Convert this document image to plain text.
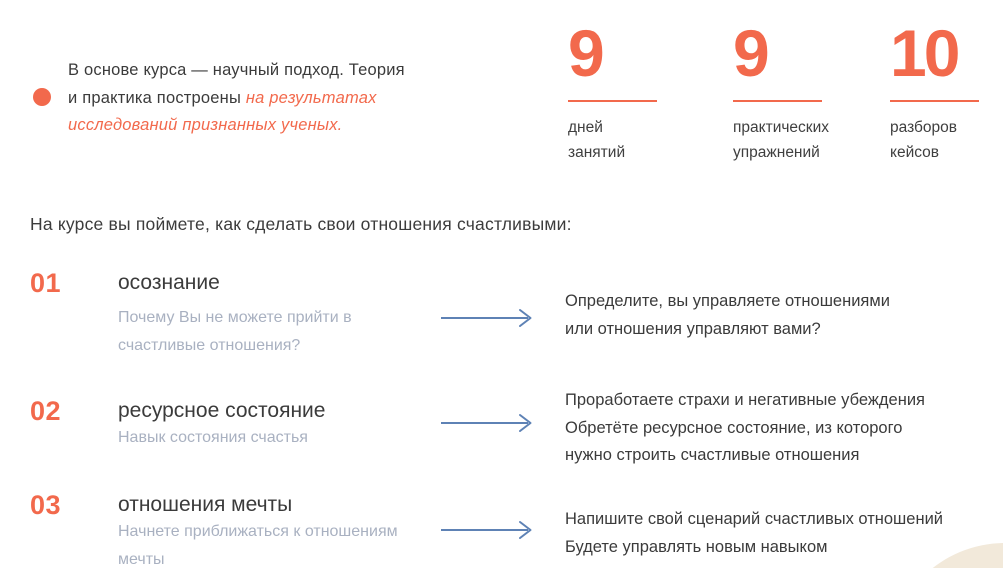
В основе курса — научный подход. Теория
и практика построены на результатах
исследований признанных ученых.

9
дней
занятий
9
практических
упражнений
10
разборов
кейсов
На курсе вы поймете, как сделать свои отношения счастливыми:
01	осознание
Почему Вы не можете прийти в
счастливые отношения?
Определите, вы управляете отношениями
или отношения управляют вами?
02	ресурсное состояние
Навык состояния счастья
Проработаете страхи и негативные убеждения
Обретёте ресурсное состояние, из которого
нужно строить счастливые отношения
03	отношения мечты
Начнете приближаться к отношениям
мечты
Напишите свой сценарий счастливых отношений
Будете управлять новым навыком
